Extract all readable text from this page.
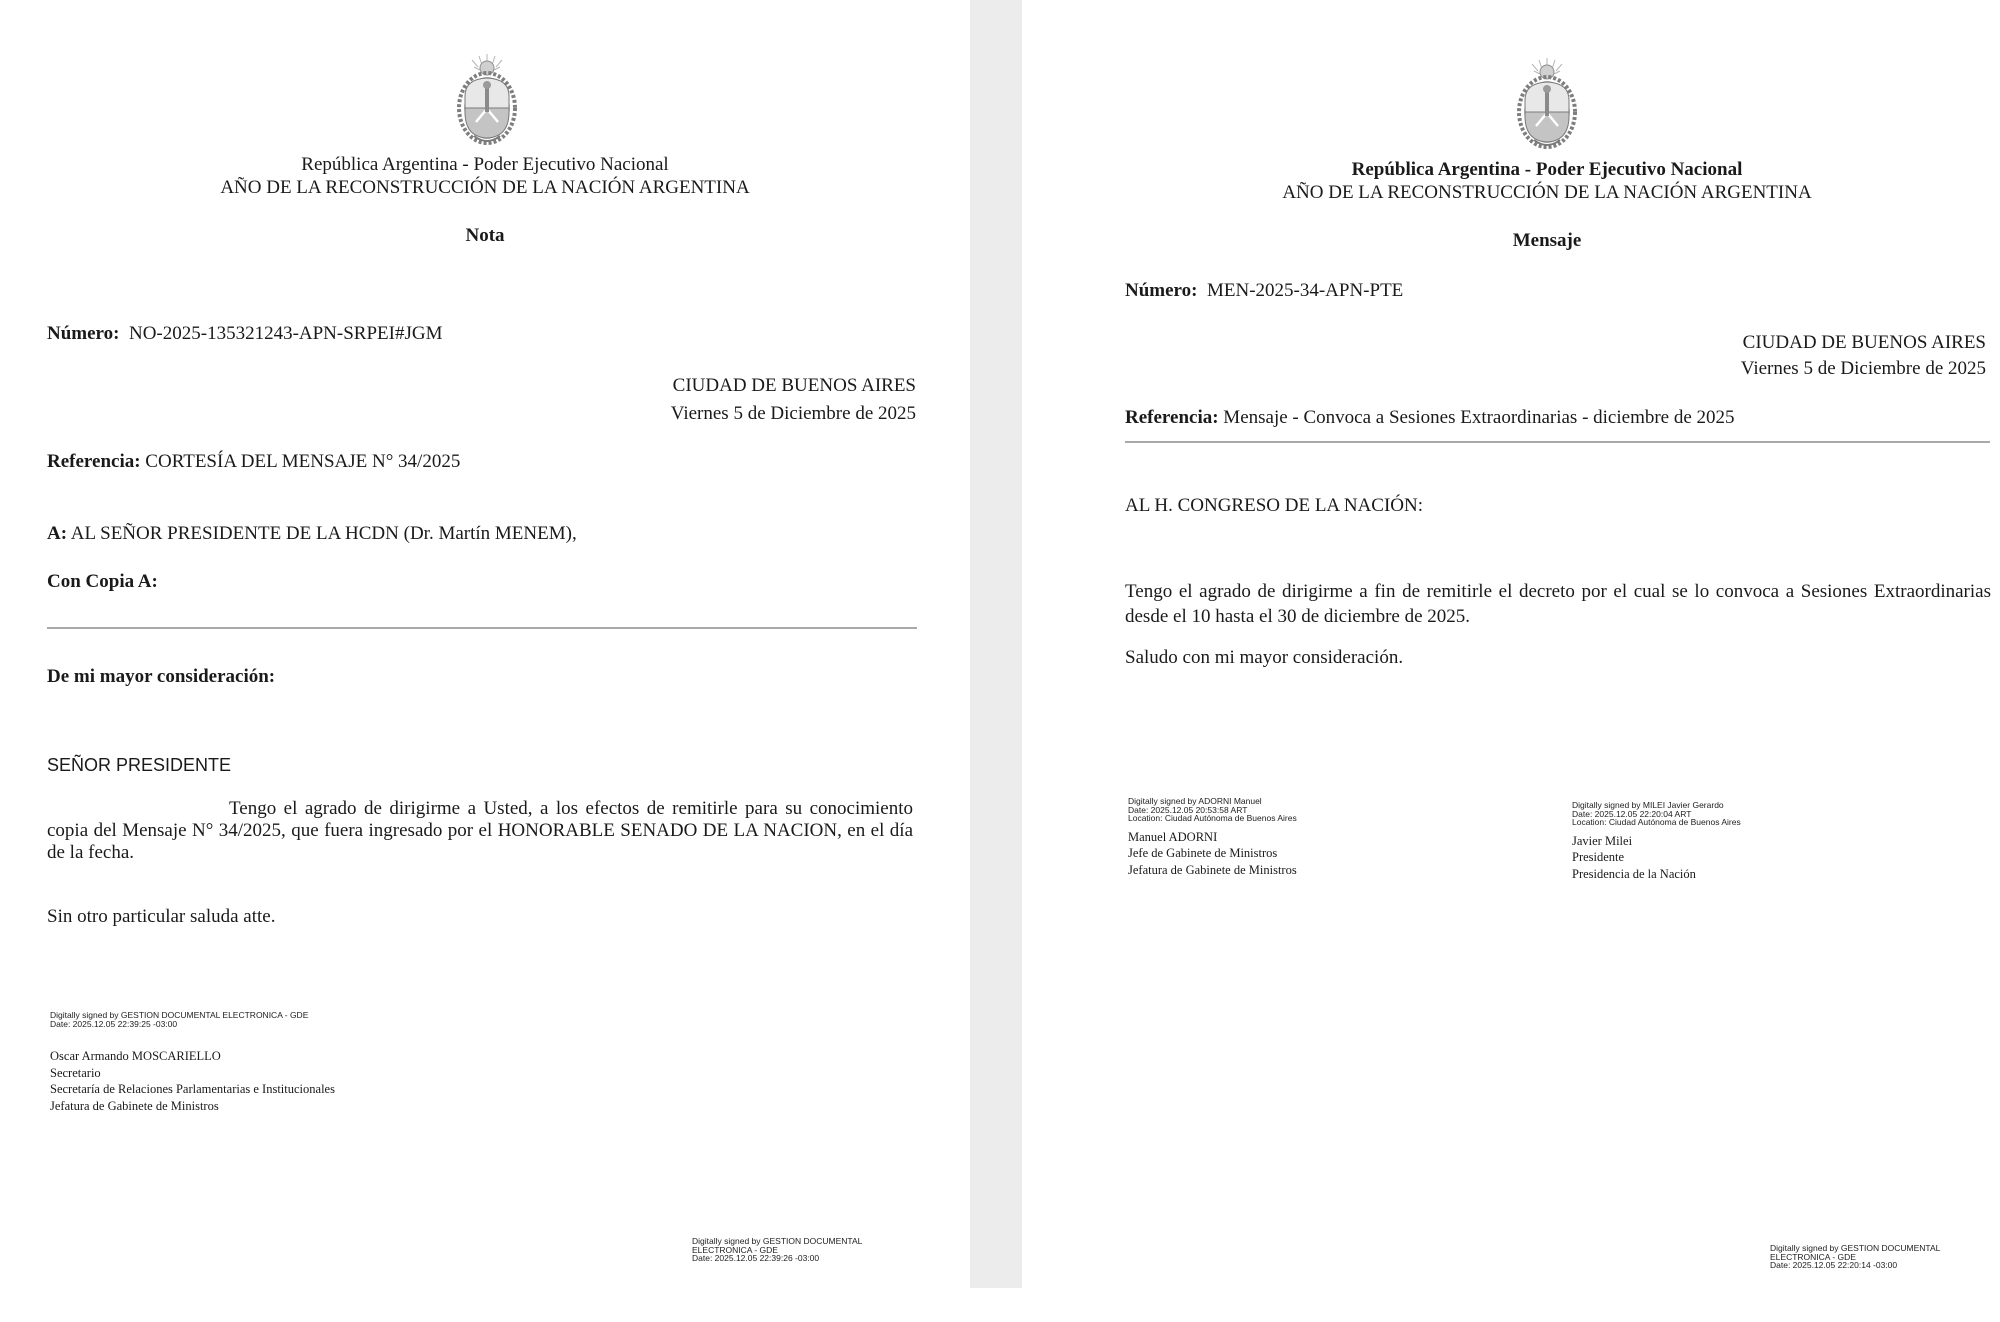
República Argentina - Poder Ejecutivo Nacional
AÑO DE LA RECONSTRUCCIÓN DE LA NACIÓN ARGENTINA
Nota
Número: NO-2025-135321243-APN-SRPEI#JGM
CIUDAD DE BUENOS AIRES
Viernes 5 de Diciembre de 2025
Referencia: CORTESÍA DEL MENSAJE N° 34/2025
A: AL SEÑOR PRESIDENTE DE LA HCDN (Dr. Martín MENEM),
Con Copia A:
De mi mayor consideración:
SEÑOR PRESIDENTE
Tengo el agrado de dirigirme a Usted, a los efectos de remitirle para su conocimiento copia del Mensaje N° 34/2025, que fuera ingresado por el HONORABLE SENADO DE LA NACION, en el día de la fecha.
Sin otro particular saluda atte.
Digitally signed by GESTION DOCUMENTAL ELECTRONICA - GDE
Date: 2025.12.05 22:39:25 -03:00
Oscar Armando MOSCARIELLO
Secretario
Secretaría de Relaciones Parlamentarias e Institucionales
Jefatura de Gabinete de Ministros
Digitally signed by GESTION DOCUMENTAL
ELECTRONICA - GDE
Date: 2025.12.05 22:39:26 -03:00
República Argentina - Poder Ejecutivo Nacional
AÑO DE LA RECONSTRUCCIÓN DE LA NACIÓN ARGENTINA
Mensaje
Número: MEN-2025-34-APN-PTE
CIUDAD DE BUENOS AIRES
Viernes 5 de Diciembre de 2025
Referencia: Mensaje - Convoca a Sesiones Extraordinarias - diciembre de 2025
AL H. CONGRESO DE LA NACIÓN:
Tengo el agrado de dirigirme a fin de remitirle el decreto por el cual se lo convoca a Sesiones Extraordinarias desde el 10 hasta el 30 de diciembre de 2025.
Saludo con mi mayor consideración.
Digitally signed by ADORNI Manuel
Date: 2025.12.05 20:53:58 ART
Location: Ciudad Autónoma de Buenos Aires
Manuel ADORNI
Jefe de Gabinete de Ministros
Jefatura de Gabinete de Ministros
Digitally signed by MILEI Javier Gerardo
Date: 2025.12.05 22:20:04 ART
Location: Ciudad Autónoma de Buenos Aires
Javier Milei
Presidente
Presidencia de la Nación
Digitally signed by GESTION DOCUMENTAL
ELECTRONICA - GDE
Date: 2025.12.05 22:20:14 -03:00
